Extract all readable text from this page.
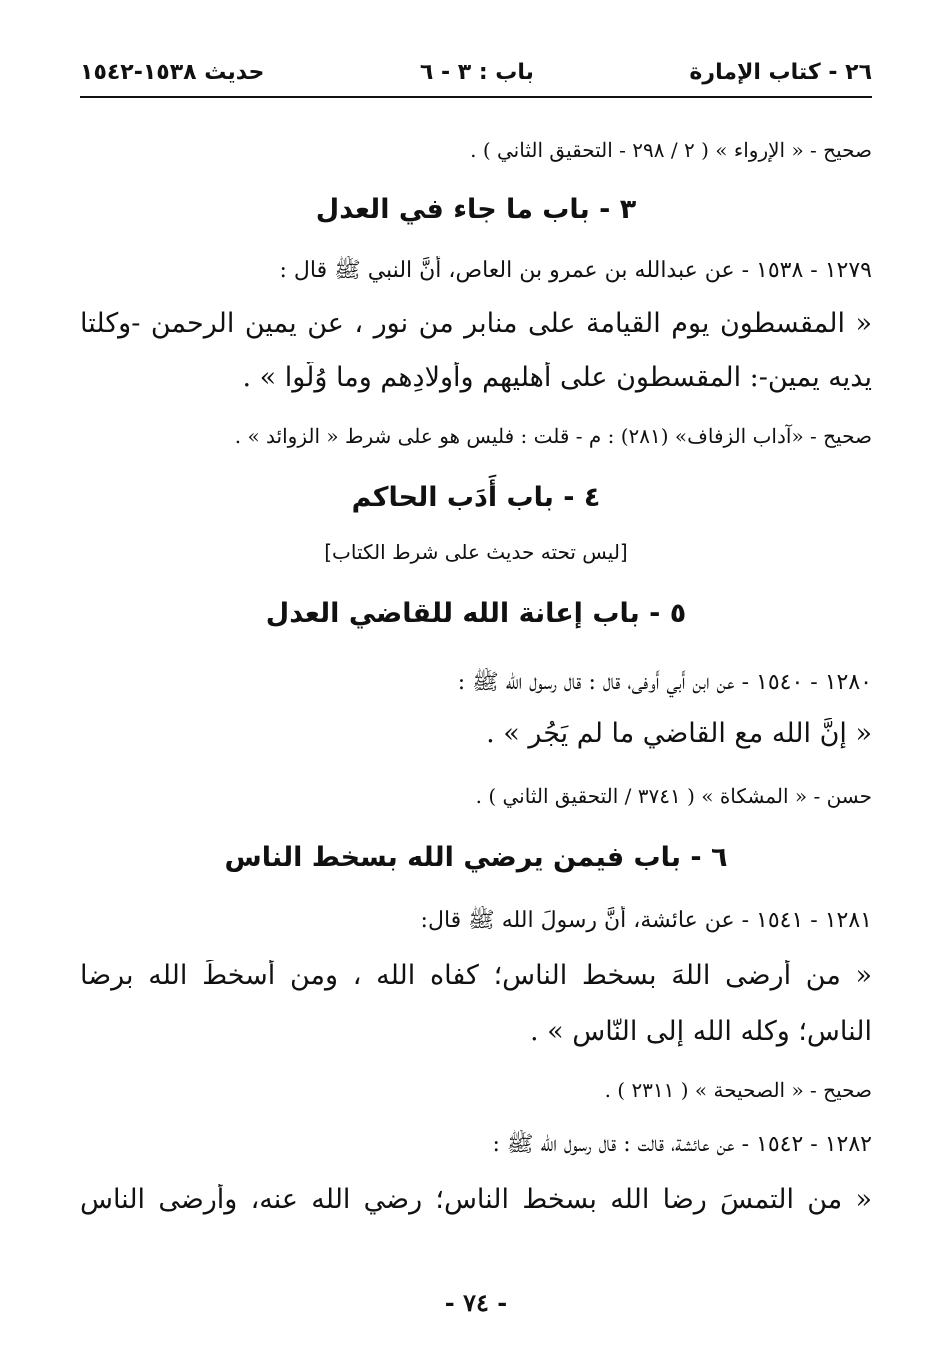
٢٦ - كتاب الإمارة
باب : ٣ - ٦
حديث ١٥٣٨-١٥٤٢
صحيح - « الإرواء » ( ٢ / ٢٩٨ - التحقيق الثاني ) .
٣ - باب ما جاء في العدل
١٢٧٩ - ١٥٣٨ - عن عبدالله بن عمرو بن العاص، أنَّ النبي ﷺ قال :
« المقسطون يوم القيامة على منابر من نور ، عن يمين الرحمن -وكلتا
يديه يمين-: المقسطون على أَهليهم وأَولادِهم وما وُلّوا » .
صحيح - «آداب الزفاف» (٢٨١) : م - قلت : فليس هو على شرط « الزوائد » .
٤ - باب أَدَب الحاكم
[ليس تحته حديث على شرط الكتاب]
٥ - باب إعانة الله للقاضي العدل
١٢٨٠ - ١٥٤٠ - عن ابن أَبي أَوفى، قال : قال رسول الله ﷺ :
« إنَّ الله مع القاضي ما لم يَجُر » .
حسن - « المشكاة » ( ٣٧٤١ / التحقيق الثاني ) .
٦ - باب فيمن يرضي الله بسخط الناس
١٢٨١ - ١٥٤١ - عن عائشة، أنَّ رسولَ الله ﷺ قال:
« من أَرضى اللهَ بسخط الناس؛ كفاه الله ، ومن أَسخطَ الله برضا
الناسِ؛ وكله الله إلى النّاسِ » .
صحيح - « الصحيحة » ( ٢٣١١ ) .
١٢٨٢ - ١٥٤٢ - عن عائشة، قالت : قال رسول الله ﷺ :
« من التمسَ رضا الله بسخط الناس؛ رضي الله عنه، وأَرضى الناس
- ٧٤ -
